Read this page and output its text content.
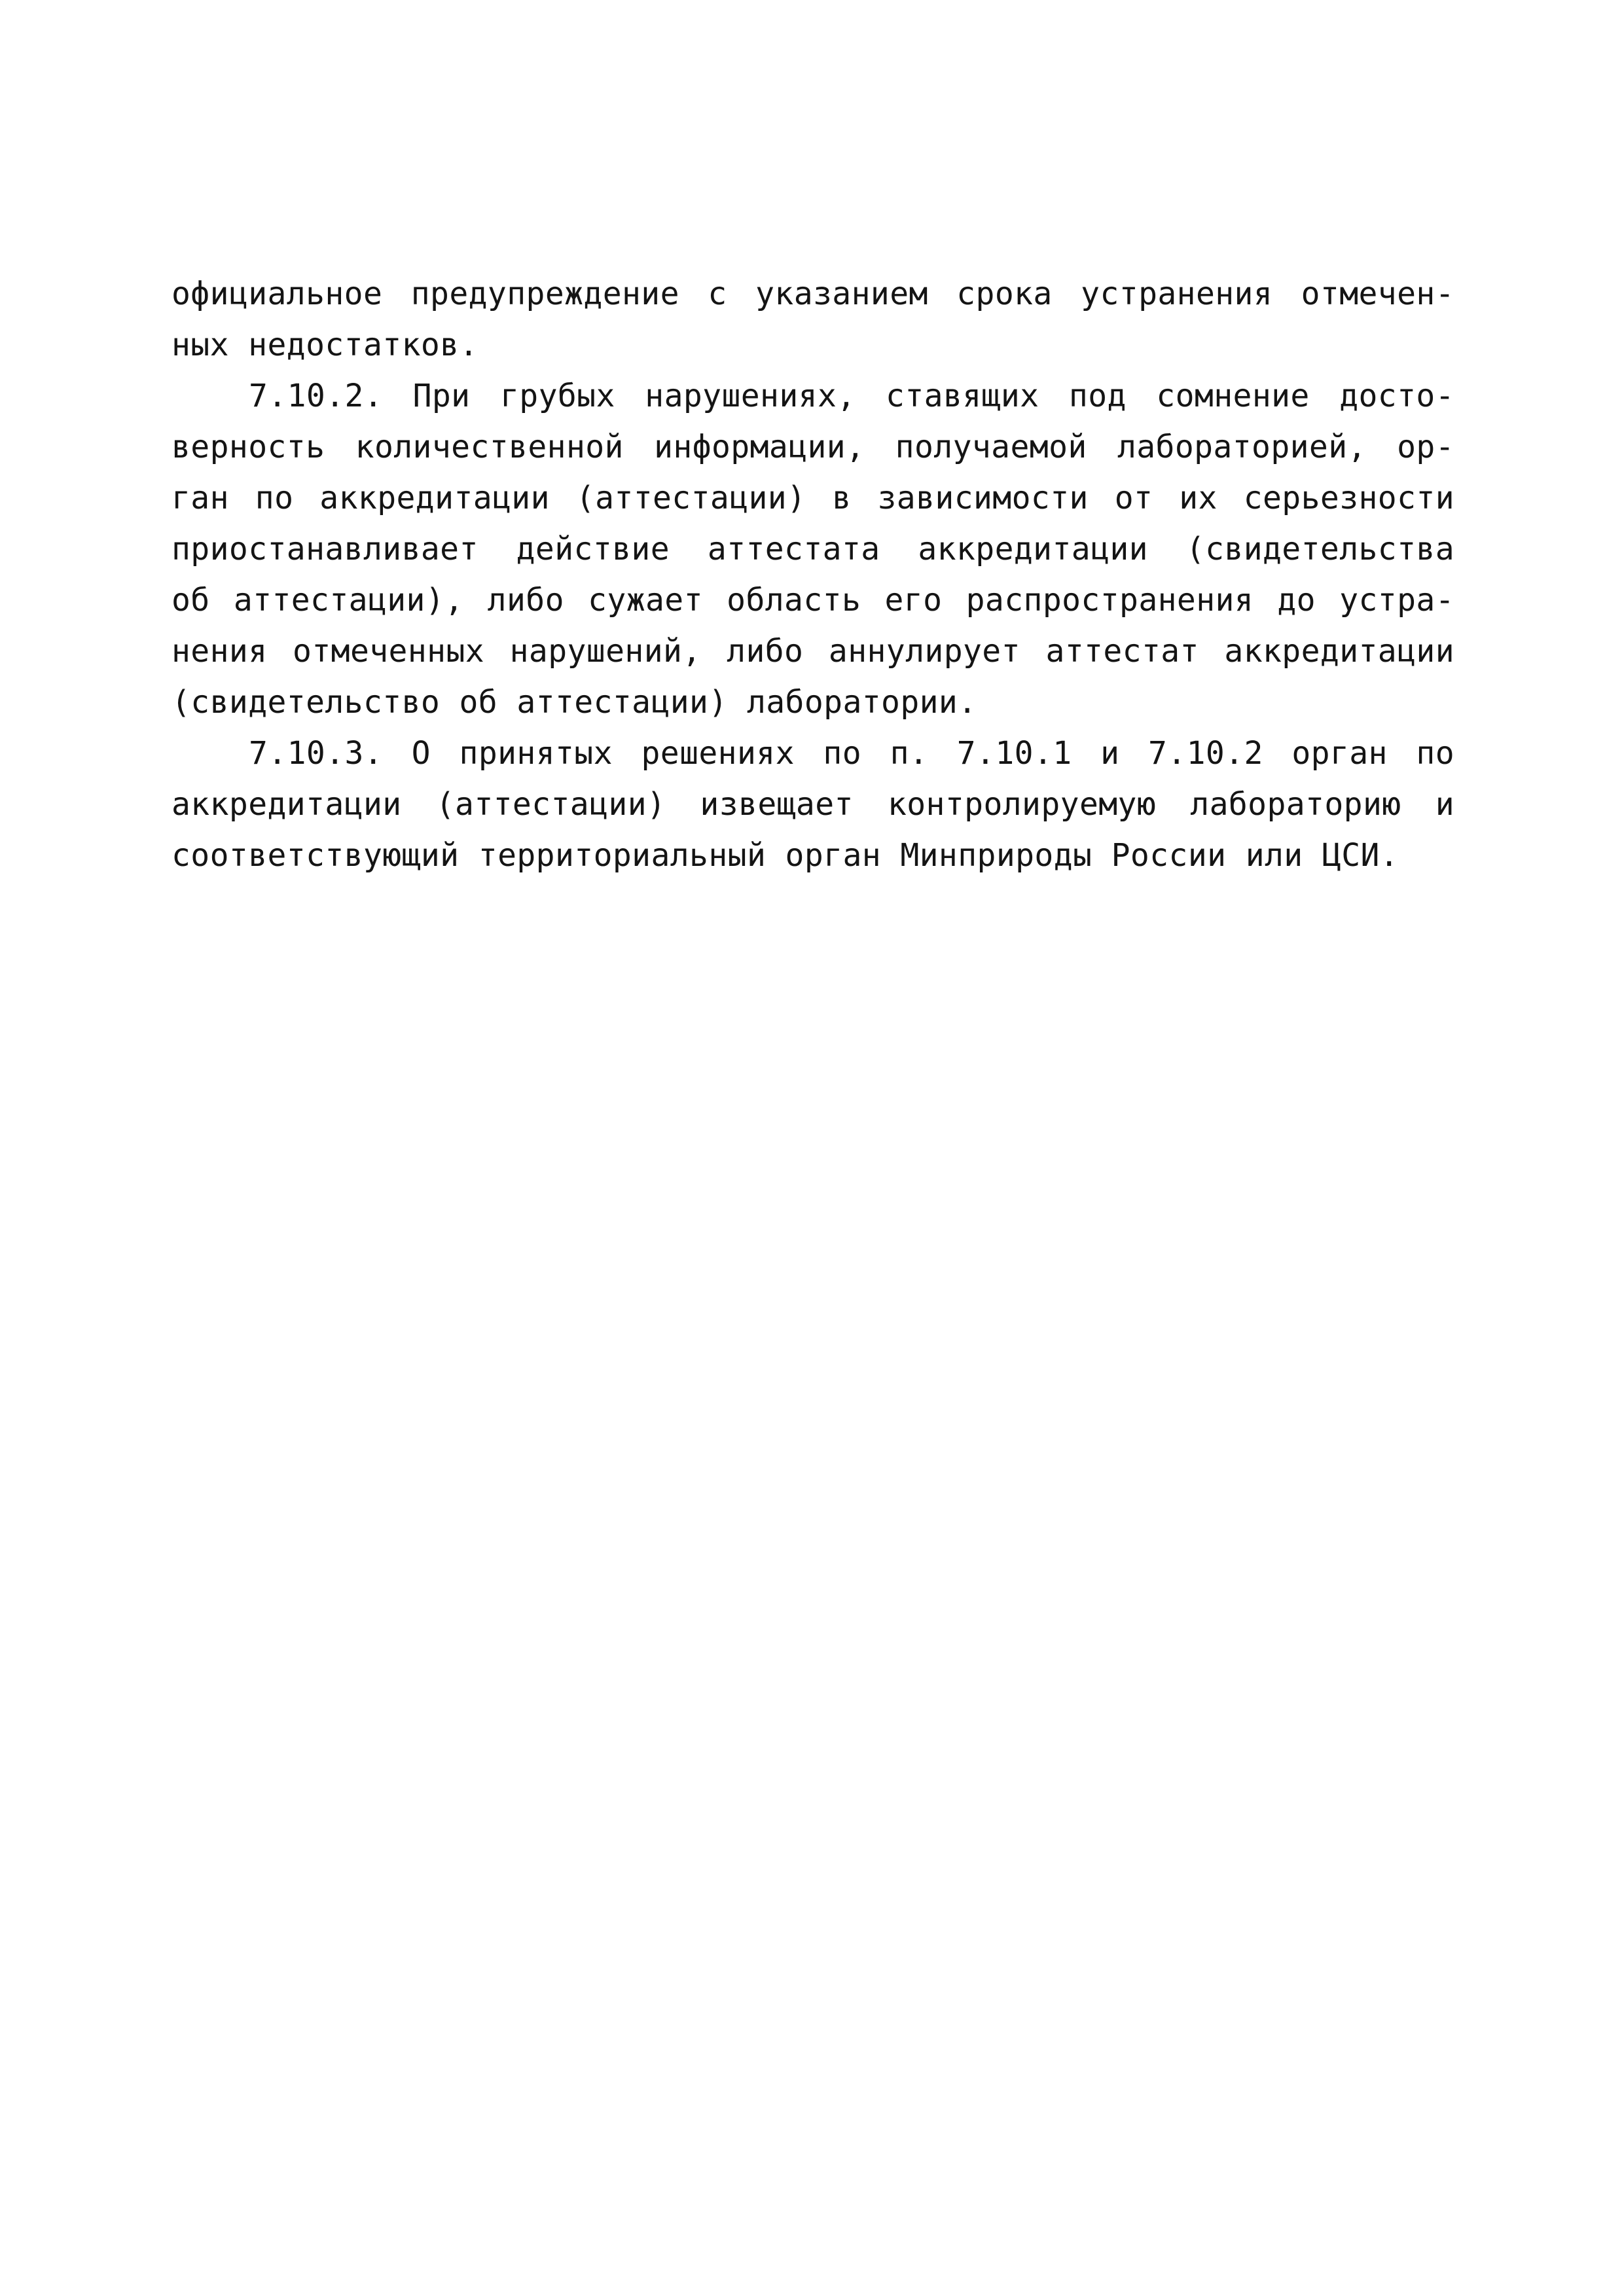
официальное предупреждение с указанием срока устранения отмечен-
ных недостатков.
7.10.2. При грубых нарушениях, ставящих под сомнение досто-
верность количественной информации, получаемой лабораторией, ор-
ган по аккредитации (аттестации) в зависимости от их серьезности
приостанавливает действие аттестата аккредитации (свидетельства
об аттестации), либо сужает область его распространения до устра-
нения отмеченных нарушений, либо аннулирует аттестат аккредитации
(свидетельство об аттестации) лаборатории.
7.10.3. О принятых решениях по п. 7.10.1 и 7.10.2 орган по
аккредитации (аттестации) извещает контролируемую лабораторию и
соответствующий территориальный орган Минприроды России или ЦСИ.
